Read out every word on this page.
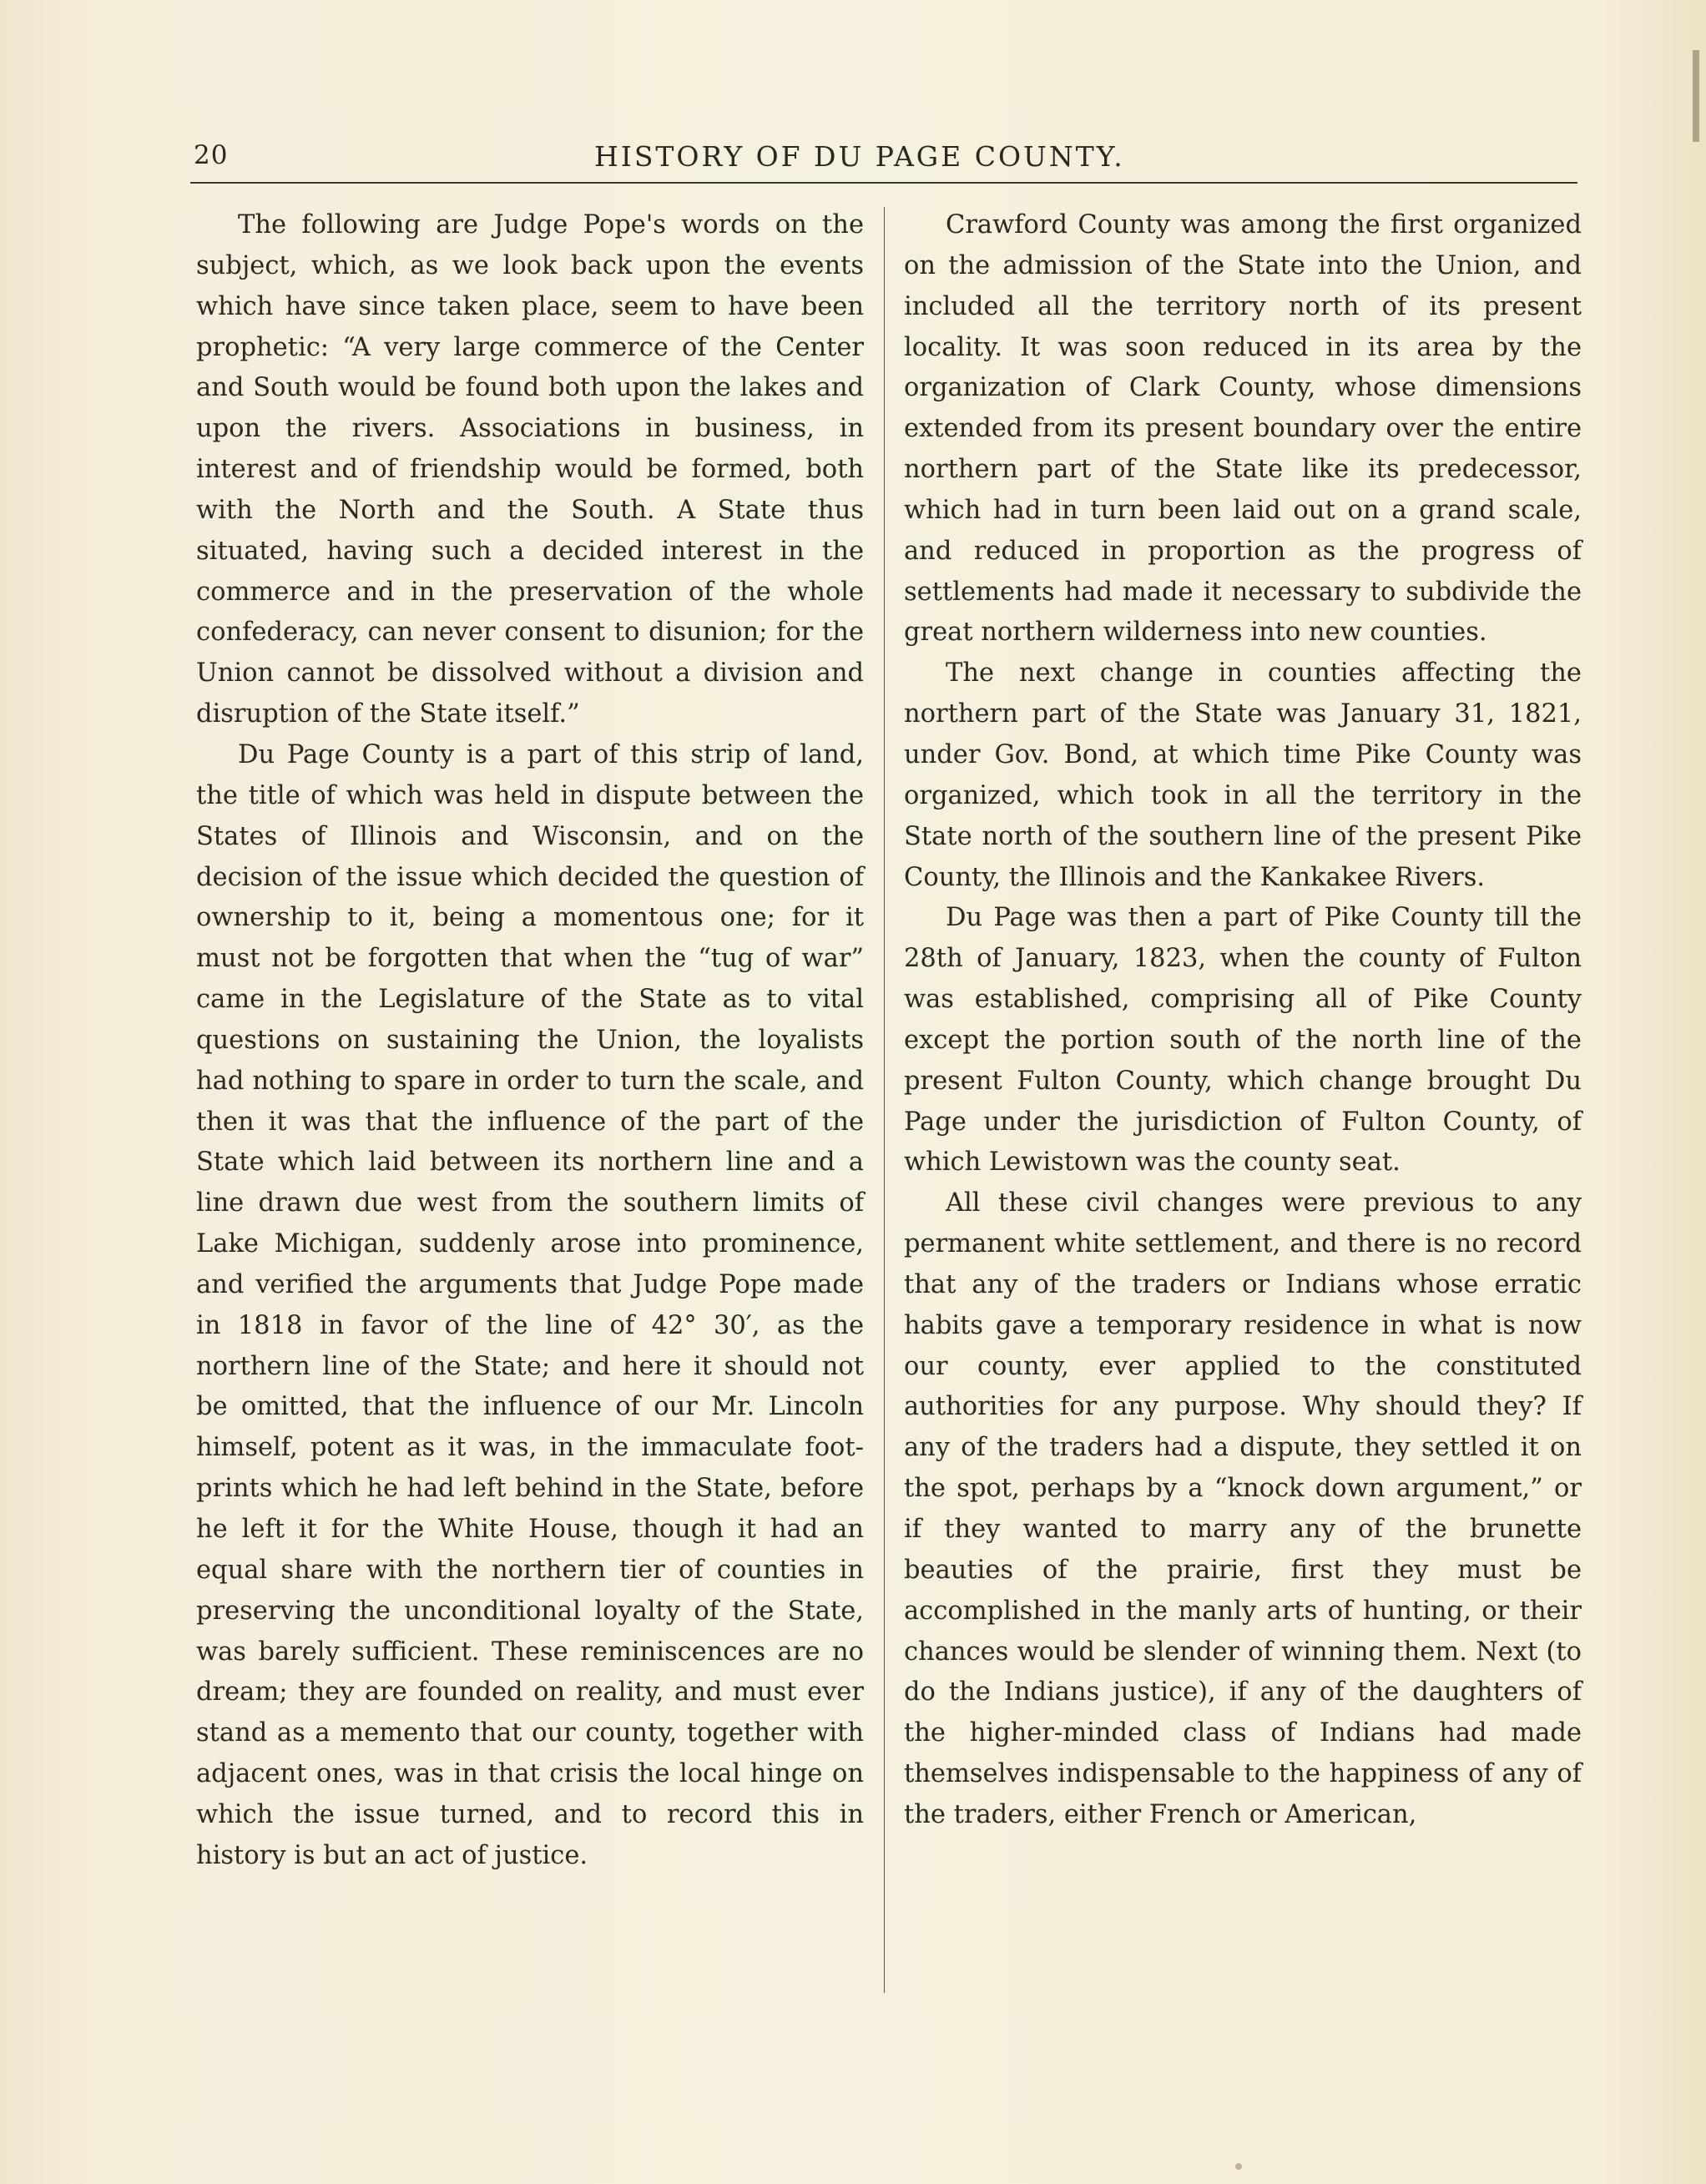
20	HISTORY OF DU PAGE COUNTY.

The following are Judge Pope's words on the subject, which, as we look back upon the events which have since taken place, seem to have been prophetic: “A very large commerce of the Center and South would be found both upon the lakes and upon the rivers. Associations in business, in interest and of friendship would be formed, both with the North and the South. A State thus situated, having such a decided interest in the commerce and in the preservation of the whole confederacy, can never consent to disunion; for the Union cannot be dissolved without a division and disruption of the State itself.”

Du Page County is a part of this strip of land, the title of which was held in dispute between the States of Illinois and Wisconsin, and on the decision of the issue which decided the question of ownership to it, being a momentous one; for it must not be forgotten that when the “tug of war” came in the Legislature of the State as to vital questions on sustaining the Union, the loyalists had nothing to spare in order to turn the scale, and then it was that the influence of the part of the State which laid between its northern line and a line drawn due west from the southern limits of Lake Michigan, suddenly arose into prominence, and verified the arguments that Judge Pope made in 1818 in favor of the line of 42° 30′, as the northern line of the State; and here it should not be omitted, that the influence of our Mr. Lincoln himself, potent as it was, in the immaculate foot-prints which he had left behind in the State, before he left it for the White House, though it had an equal share with the northern tier of counties in preserving the unconditional loyalty of the State, was barely sufficient. These reminiscences are no dream; they are founded on reality, and must ever stand as a memento that our county, together with adjacent ones, was in that crisis the local hinge on which the issue turned, and to record this in history is but an act of justice.

Crawford County was among the first organized on the admission of the State into the Union, and included all the territory north of its present locality. It was soon reduced in its area by the organization of Clark County, whose dimensions extended from its present boundary over the entire northern part of the State like its predecessor, which had in turn been laid out on a grand scale, and reduced in proportion as the progress of settlements had made it necessary to subdivide the great northern wilderness into new counties.

The next change in counties affecting the northern part of the State was January 31, 1821, under Gov. Bond, at which time Pike County was organized, which took in all the territory in the State north of the southern line of the present Pike County, the Illinois and the Kankakee Rivers.

Du Page was then a part of Pike County till the 28th of January, 1823, when the county of Fulton was established, comprising all of Pike County except the portion south of the north line of the present Fulton County, which change brought Du Page under the jurisdiction of Fulton County, of which Lewistown was the county seat.

All these civil changes were previous to any permanent white settlement, and there is no record that any of the traders or Indians whose erratic habits gave a temporary residence in what is now our county, ever applied to the constituted authorities for any purpose. Why should they? If any of the traders had a dispute, they settled it on the spot, perhaps by a “knock down argument,” or if they wanted to marry any of the brunette beauties of the prairie, first they must be accomplished in the manly arts of hunting, or their chances would be slender of winning them. Next (to do the Indians justice), if any of the daughters of the higher-minded class of Indians had made themselves indispensable to the happiness of any of the traders, either French or American,
